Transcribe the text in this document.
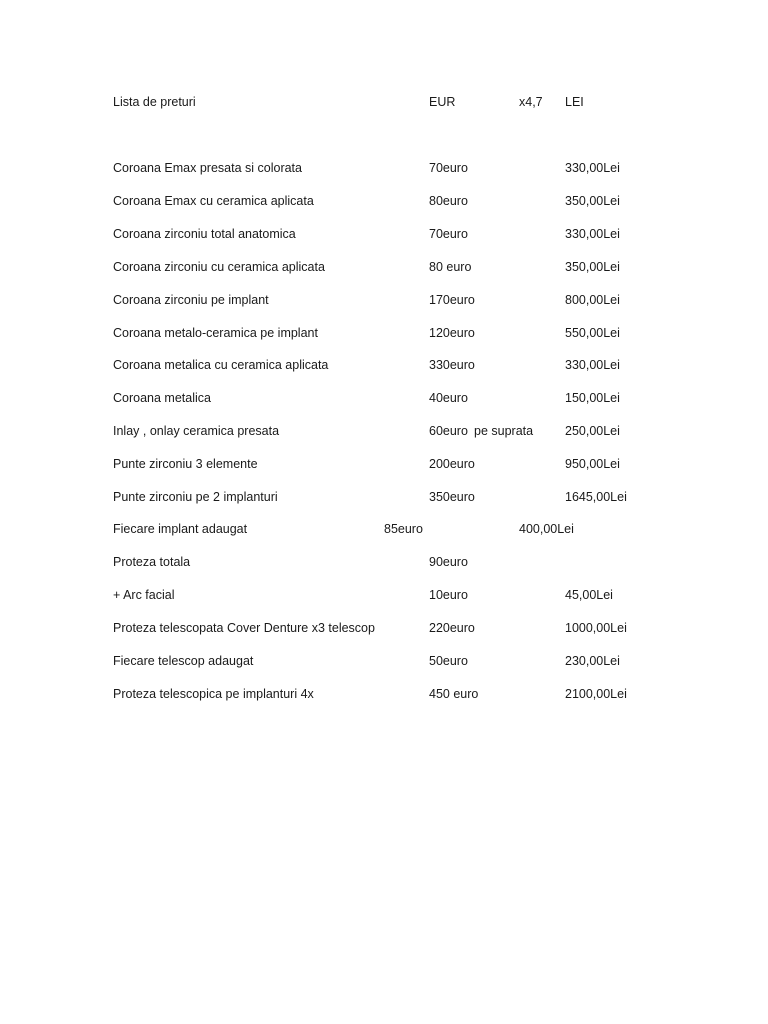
Lista de preturi	EUR	x4,7 LEI
Coroana Emax presata si colorata	70euro	330,00Lei
Coroana Emax cu ceramica aplicata	80euro	350,00Lei
Coroana zirconiu total anatomica	70euro	330,00Lei
Coroana zirconiu cu ceramica aplicata	80 euro	350,00Lei
Coroana zirconiu pe implant	170euro	800,00Lei
Coroana metalo-ceramica pe implant	120euro	550,00Lei
Coroana metalica cu ceramica aplicata	330euro	330,00Lei
Coroana metalica	40euro	150,00Lei
Inlay , onlay ceramica presata	60euro pe suprata	250,00Lei
Punte zirconiu 3 elemente	200euro	950,00Lei
Punte zirconiu pe 2 implanturi	350euro	1645,00Lei
Fiecare implant adaugat	85euro	400,00Lei
Proteza totala	90euro
+ Arc facial	10euro	45,00Lei
Proteza telescopata Cover Denture x3 telescop	220euro	1000,00Lei
Fiecare telescop adaugat	50euro	230,00Lei
Proteza telescopica pe implanturi 4x	450 euro	2100,00Lei
